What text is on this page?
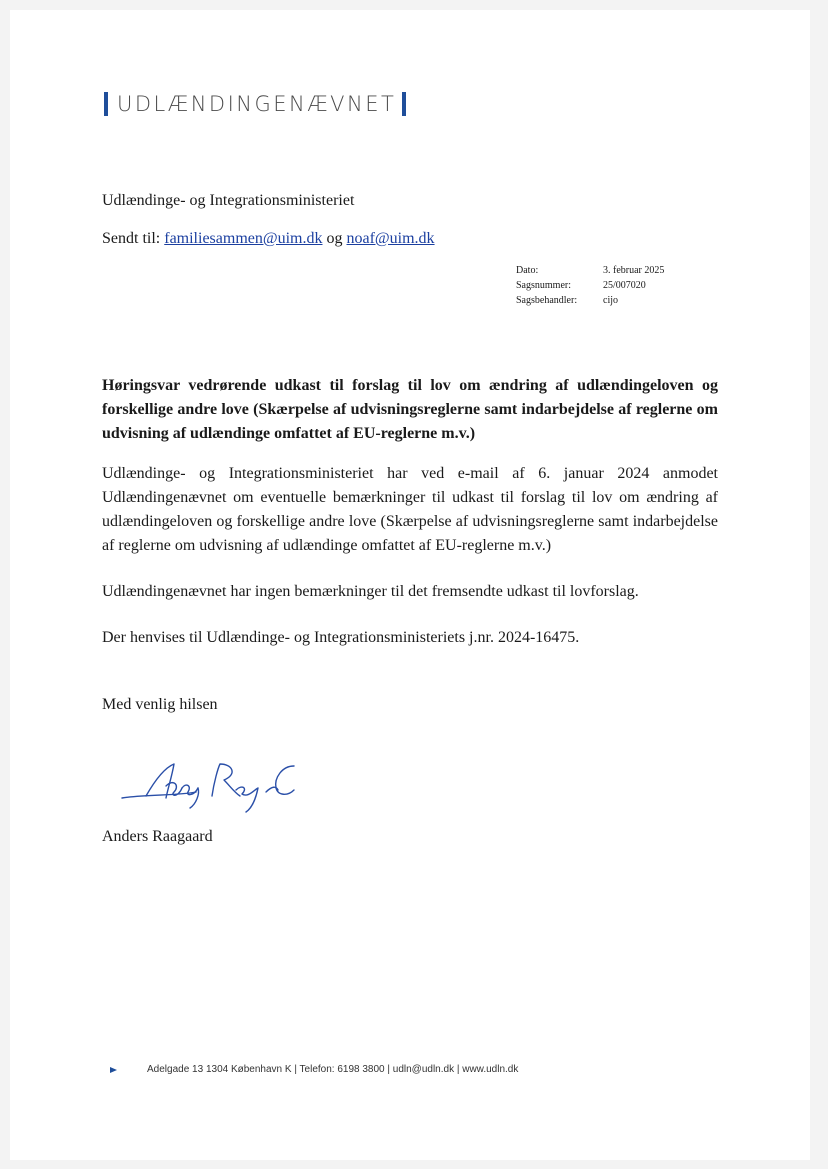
UDLÆNDINGENÆVNET
Udlændinge- og Integrationsministeriet
Sendt til: familiesammen@uim.dk og noaf@uim.dk
Dato:	3. februar 2025
Sagsnummer:	25/007020
Sagsbehandler:	cijo
Høringsvar vedrørende udkast til forslag til lov om ændring af udlændingeloven og forskellige andre love (Skærpelse af udvisningsreglerne samt indarbejdelse af reglerne om udvisning af udlændinge omfattet af EU-reglerne m.v.)
Udlændinge- og Integrationsministeriet har ved e-mail af 6. januar 2024 anmodet Udlændingenævnet om eventuelle bemærkninger til udkast til forslag til lov om ændring af udlændingeloven og forskellige andre love (Skærpelse af udvisningsreglerne samt indarbejdelse af reglerne om udvisning af udlændinge omfattet af EU-reglerne m.v.)
Udlændingenævnet har ingen bemærkninger til det fremsendte udkast til lovforslag.
Der henvises til Udlændinge- og Integrationsministeriets j.nr. 2024-16475.
Med venlig hilsen
Anders Raagaard
Adelgade 13 1304 København K | Telefon: 6198 3800 | udln@udln.dk | www.udln.dk
